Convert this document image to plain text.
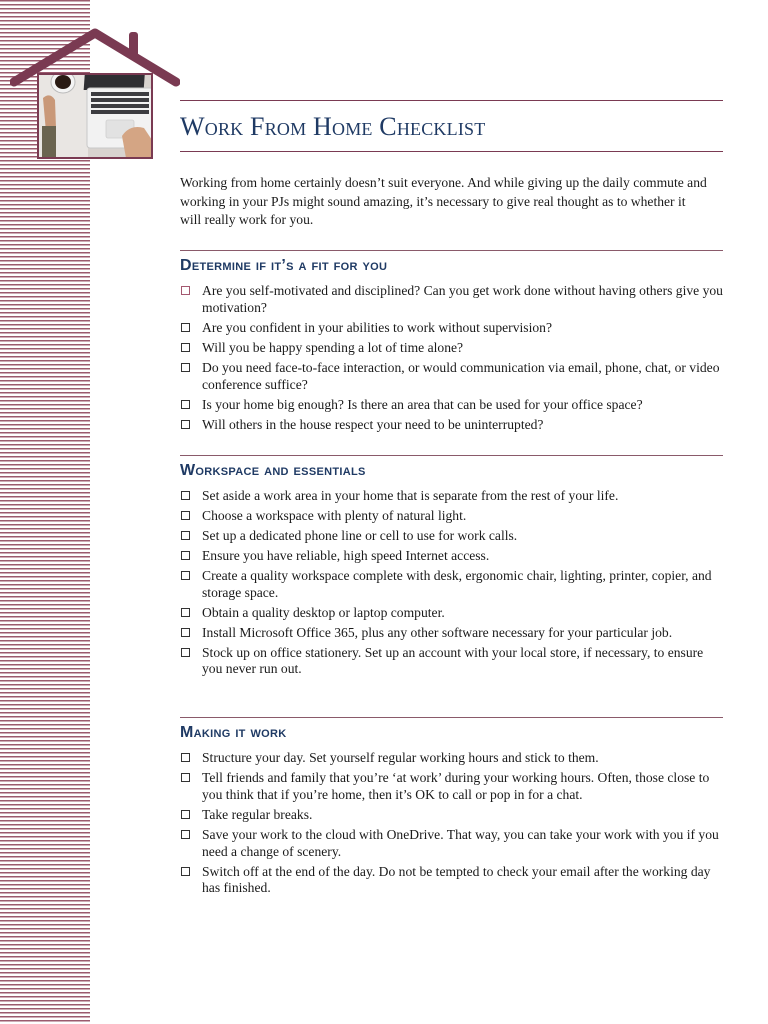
Work From Home Checklist

Working from home certainly doesn’t suit everyone. And while giving up the daily commute and working in your PJs might sound amazing, it’s necessary to give real thought as to whether it will really work for you.

Determine if it’s a fit for you
Are you self-motivated and disciplined? Can you get work done without having others give you motivation?
Are you confident in your abilities to work without supervision?
Will you be happy spending a lot of time alone?
Do you need face-to-face interaction, or would communication via email, phone, chat, or video conference suffice?
Is your home big enough? Is there an area that can be used for your office space?
Will others in the house respect your need to be uninterrupted?
Workspace and essentials
Set aside a work area in your home that is separate from the rest of your life.
Choose a workspace with plenty of natural light.
Set up a dedicated phone line or cell to use for work calls.
Ensure you have reliable, high speed Internet access.
Create a quality workspace complete with desk, ergonomic chair, lighting, printer, copier, and storage space.
Obtain a quality desktop or laptop computer.
Install Microsoft Office 365, plus any other software necessary for your particular job.
Stock up on office stationery. Set up an account with your local store, if necessary, to ensure you never run out.
Making it work
Structure your day. Set yourself regular working hours and stick to them.
Tell friends and family that you’re ‘at work’ during your working hours. Often, those close to you think that if you’re home, then it’s OK to call or pop in for a chat.
Take regular breaks.
Save your work to the cloud with OneDrive. That way, you can take your work with you if you need a change of scenery.
Switch off at the end of the day. Do not be tempted to check your email after the working day has finished.
